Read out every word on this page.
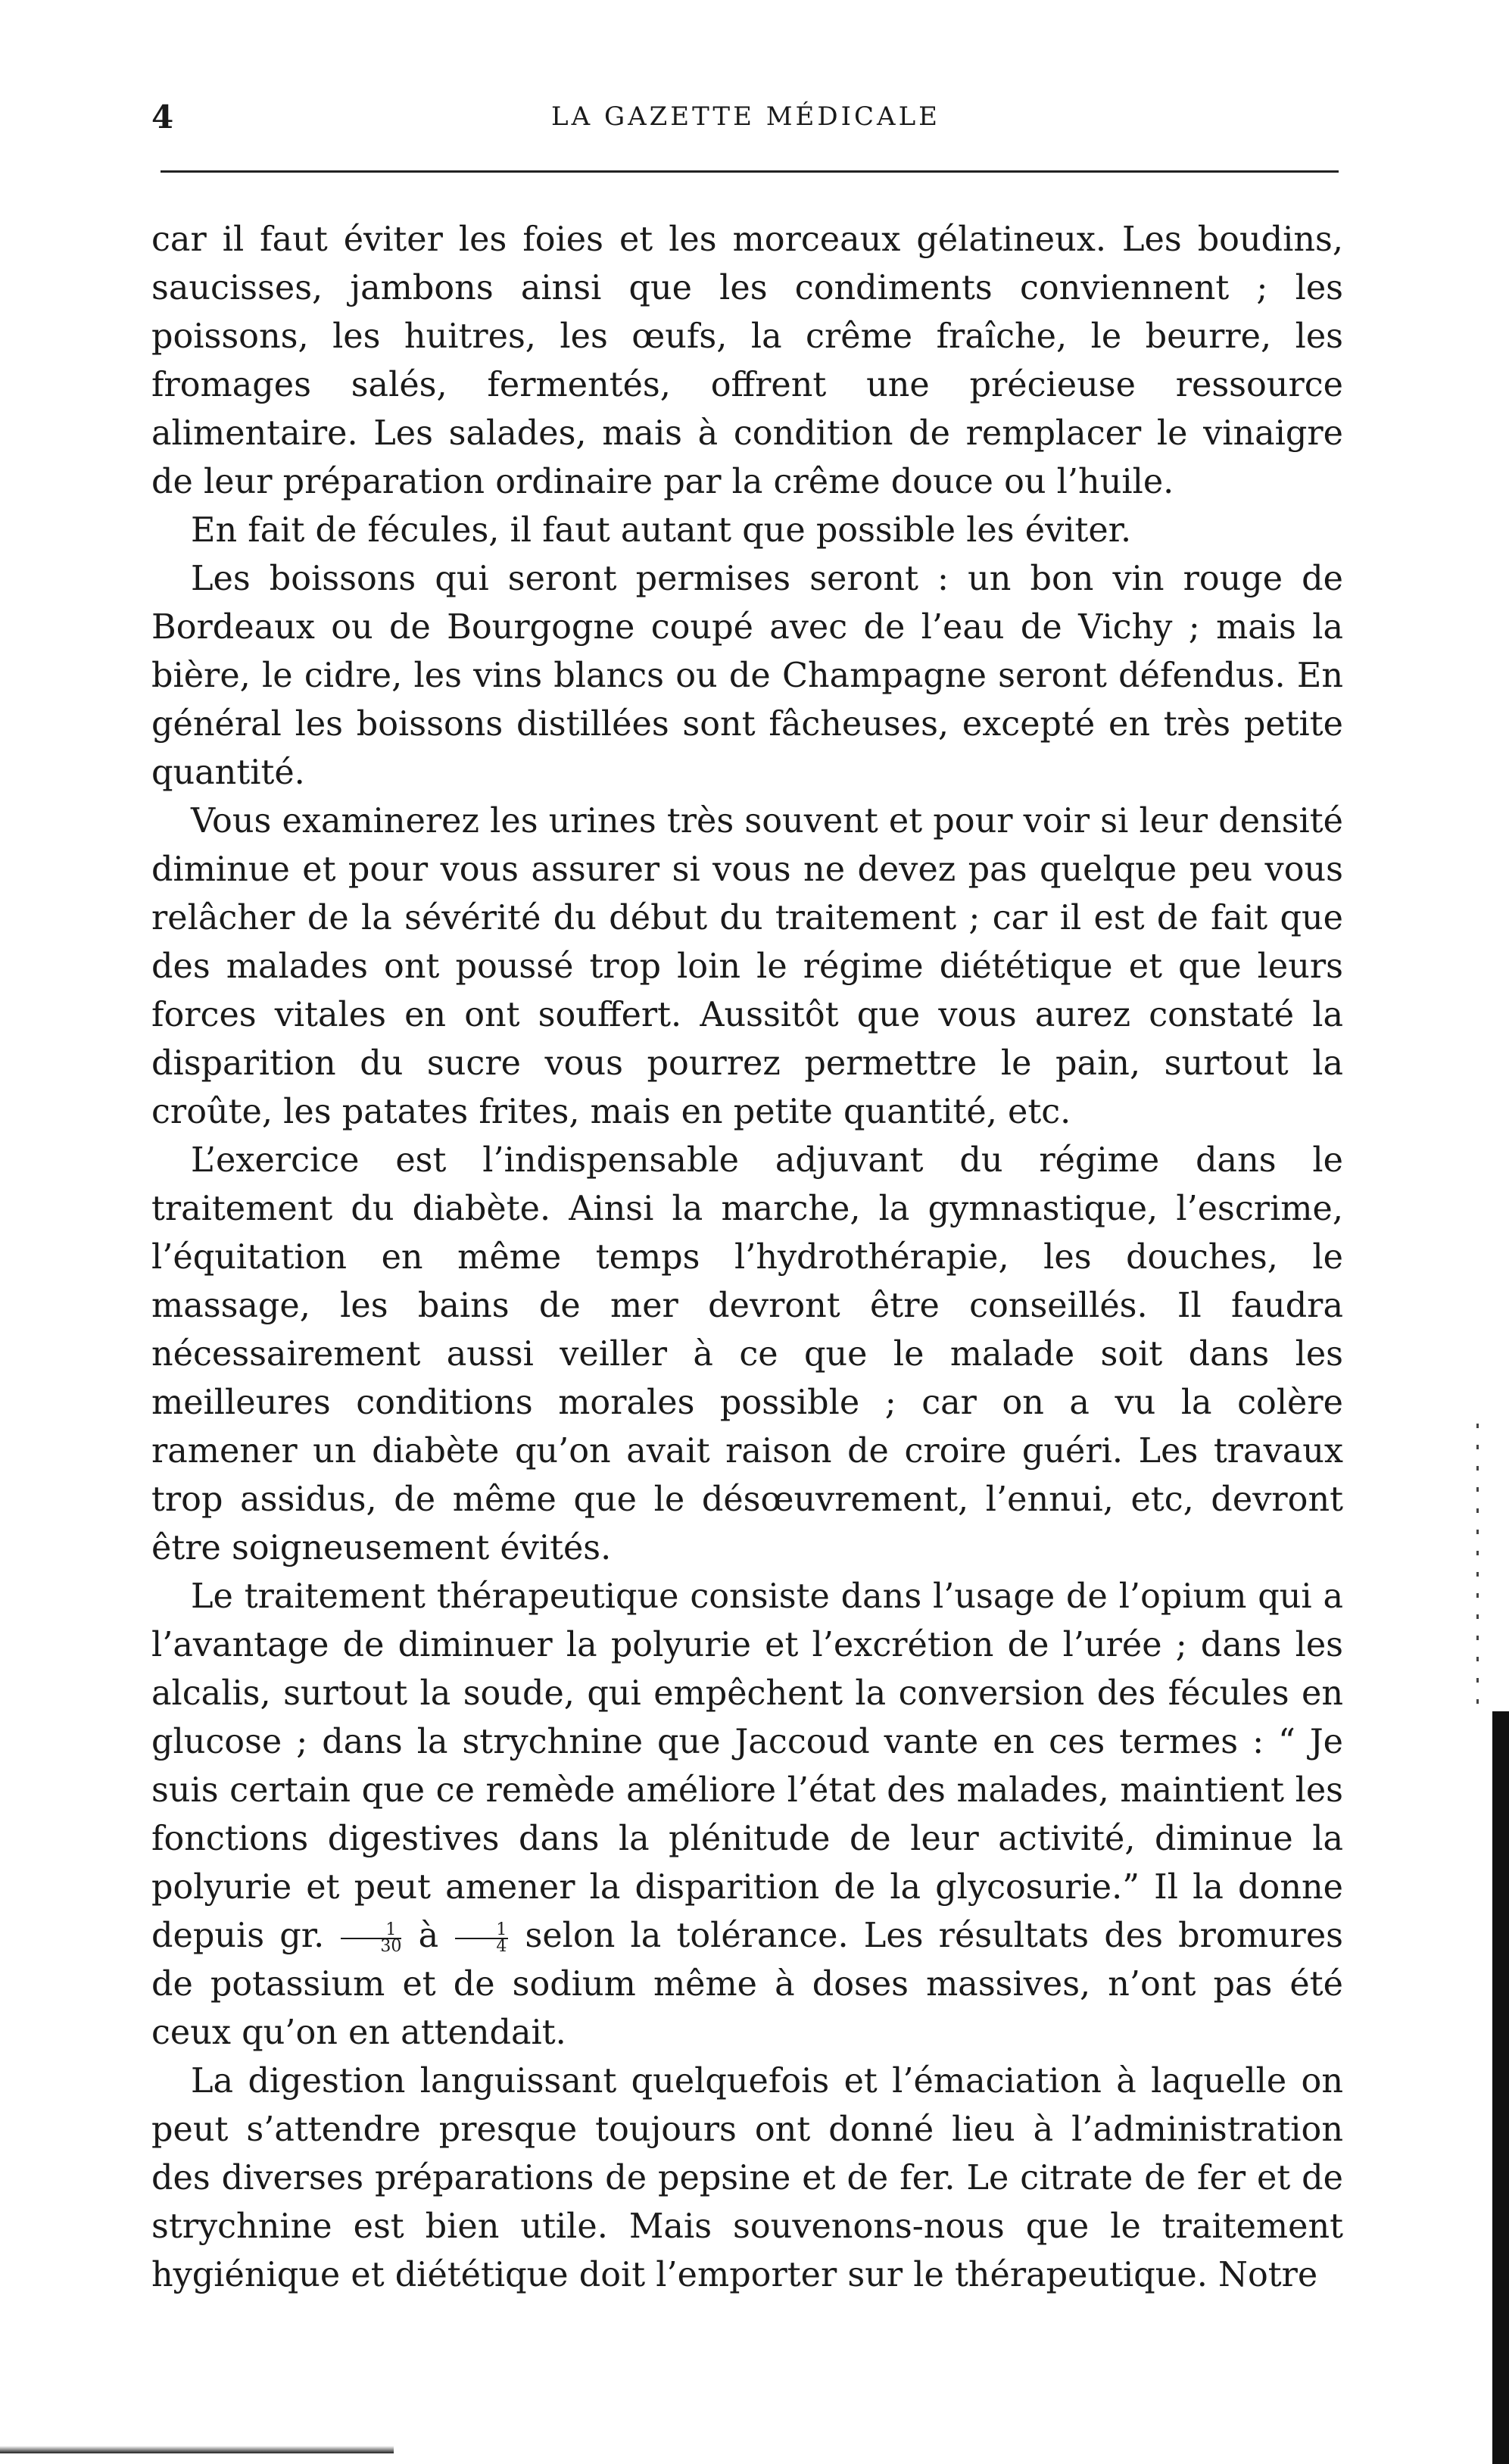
4	LA GAZETTE MÉDICALE

car il faut éviter les foies et les morceaux gélatineux. Les boudins, saucisses, jambons ainsi que les condiments conviennent ; les poissons, les huitres, les œufs, la crême fraîche, le beurre, les fromages salés, fermentés, offrent une précieuse ressource alimentaire. Les salades, mais à condition de remplacer le vinaigre de leur préparation ordinaire par la crême douce ou l’huile.

En fait de fécules, il faut autant que possible les éviter.

Les boissons qui seront permises seront : un bon vin rouge de Bordeaux ou de Bourgogne coupé avec de l’eau de Vichy ; mais la bière, le cidre, les vins blancs ou de Champagne seront défendus. En général les boissons distillées sont fâcheuses, excepté en très petite quantité.

Vous examinerez les urines très souvent et pour voir si leur densité diminue et pour vous assurer si vous ne devez pas quelque peu vous relâcher de la sévérité du début du traitement ; car il est de fait que des malades ont poussé trop loin le régime diététique et que leurs forces vitales en ont souffert. Aussitôt que vous aurez constaté la disparition du sucre vous pourrez permettre le pain, surtout la croûte, les patates frites, mais en petite quantité, etc.

L’exercice est l’indispensable adjuvant du régime dans le traitement du diabète. Ainsi la marche, la gymnastique, l’escrime, l’équitation en même temps l’hydrothérapie, les douches, le massage, les bains de mer devront être conseillés. Il faudra nécessairement aussi veiller à ce que le malade soit dans les meilleures conditions morales possible ; car on a vu la colère ramener un diabète qu’on avait raison de croire guéri. Les travaux trop assidus, de même que le désœuvrement, l’ennui, etc, devront être soigneusement évités.

Le traitement thérapeutique consiste dans l’usage de l’opium qui a l’avantage de diminuer la polyurie et l’excrétion de l’urée ; dans les alcalis, surtout la soude, qui empêchent la conversion des fécules en glucose ; dans la strychnine que Jaccoud vante en ces termes : “ Je suis certain que ce remède améliore l’état des malades, maintient les fonctions digestives dans la plénitude de leur activité, diminue la polyurie et peut amener la disparition de la glycosurie.” Il la donne depuis gr. $\frac{1}{30}$ à $\frac{1}{4}$ selon la tolérance. Les résultats des bromures de potassium et de sodium même à doses massives, n’ont pas été ceux qu’on en attendait.

La digestion languissant quelquefois et l’émaciation à laquelle on peut s’attendre presque toujours ont donné lieu à l’administration des diverses préparations de pepsine et de fer. Le citrate de fer et de strychnine est bien utile. Mais souvenons-nous que le traitement hygiénique et diététique doit l’emporter sur le thérapeutique. Notre
